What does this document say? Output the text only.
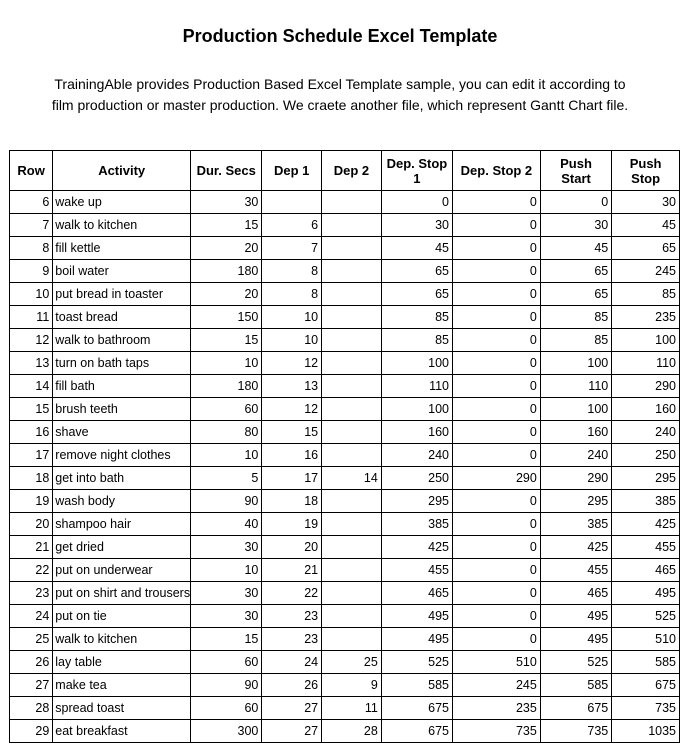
Production Schedule Excel Template
TrainingAble provides Production Based Excel Template sample, you can edit it according to
film production or master production. We craete another file, which represent Gantt Chart file.
Row	Activity	Dur. Secs	Dep 1	Dep 2	Dep. Stop 1	Dep. Stop 2	Push Start	Push Stop
6	wake up	30			0	0	0	30
7	walk to kitchen	15	6		30	0	30	45
8	fill kettle	20	7		45	0	45	65
9	boil water	180	8		65	0	65	245
10	put bread in toaster	20	8		65	0	65	85
11	toast bread	150	10		85	0	85	235
12	walk to bathroom	15	10		85	0	85	100
13	turn on bath taps	10	12		100	0	100	110
14	fill bath	180	13		110	0	110	290
15	brush teeth	60	12		100	0	100	160
16	shave	80	15		160	0	160	240
17	remove night clothes	10	16		240	0	240	250
18	get into bath	5	17	14	250	290	290	295
19	wash body	90	18		295	0	295	385
20	shampoo hair	40	19		385	0	385	425
21	get dried	30	20		425	0	425	455
22	put on underwear	10	21		455	0	455	465
23	put on shirt and trousers	30	22		465	0	465	495
24	put on tie	30	23		495	0	495	525
25	walk to kitchen	15	23		495	0	495	510
26	lay table	60	24	25	525	510	525	585
27	make tea	90	26	9	585	245	585	675
28	spread toast	60	27	11	675	235	675	735
29	eat breakfast	300	27	28	675	735	735	1035
